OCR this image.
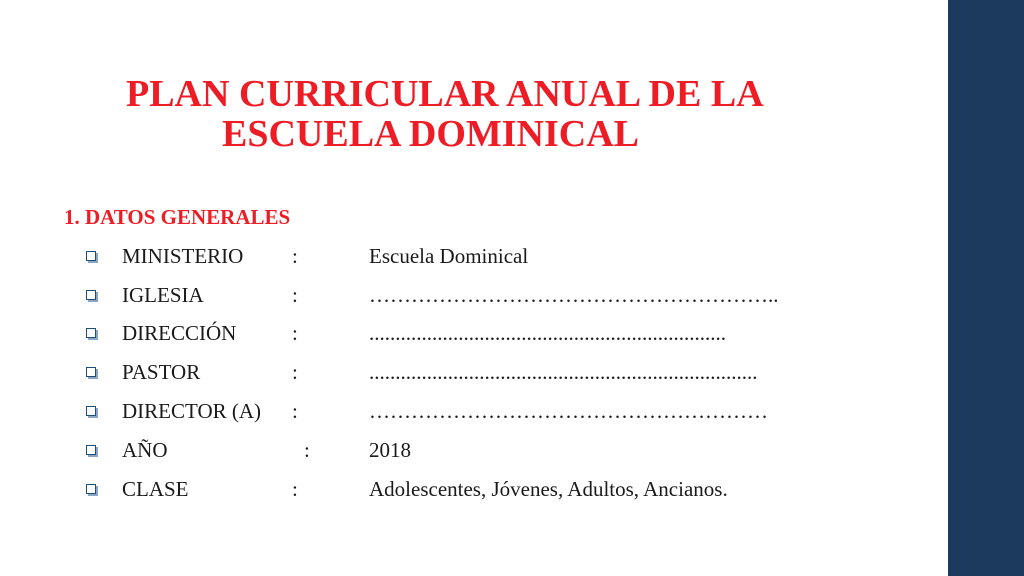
PLAN CURRICULAR ANUAL DE LA
ESCUELA DOMINICAL
1. DATOS GENERALES
MINISTERIO :	Escuela Dominical
IGLESIA	:	…………………………………………………..
DIRECCIÓN	:	....................................................................
PASTOR	:	..........................................................................
DIRECTOR (A) :	…………………………………………………
AÑO	:	2018
CLASE	:	Adolescentes, Jóvenes, Adultos, Ancianos.
